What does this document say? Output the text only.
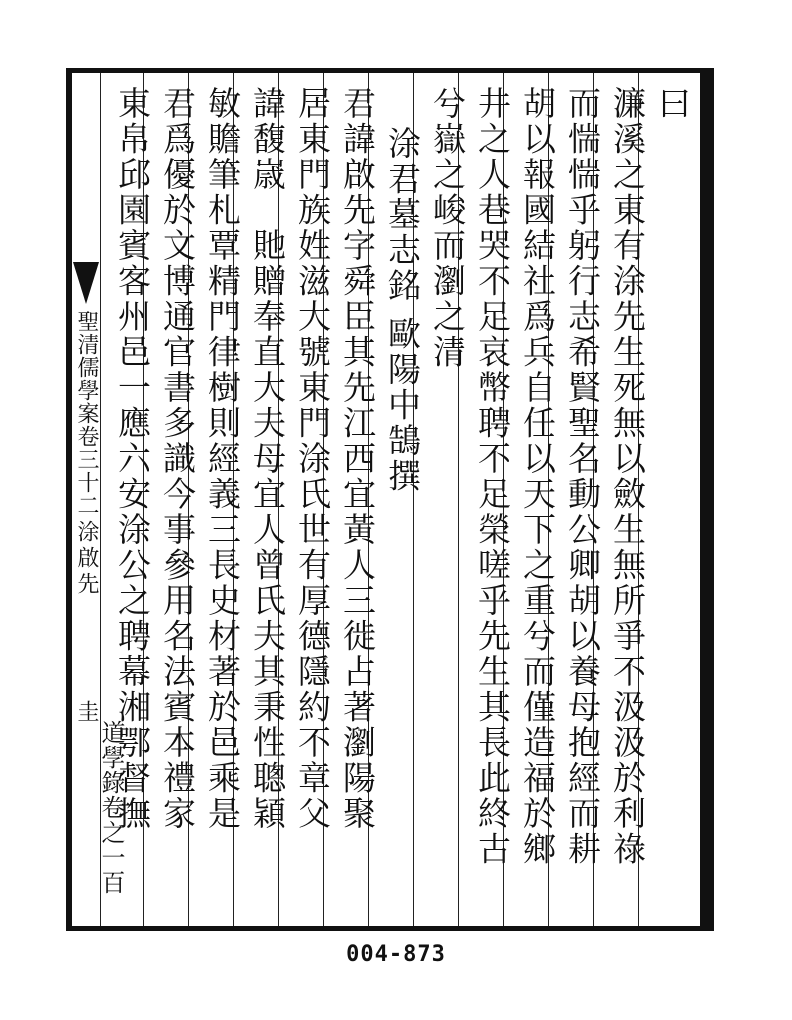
聖清儒學案卷三十二
涂啟先
圭
曰
濂溪之東有涂先生死無以斂生無所爭不汲汲於利祿
而惴惴乎躬行志希賢聖名動公卿胡以養母抱經而耕
胡以報國結社爲兵自任以天下之重兮而僅造福於鄉
井之人巷哭不足哀幣聘不足榮嗟乎先生其長此終古
兮嶽之峻而瀏之清
涂君墓志銘 歐陽中鵠撰
君諱啟先字舜臣其先江西宜黃人三徙占著瀏陽聚
居東門族姓滋大號東門涂氏世有厚德隱約不章父
諱馥𡻕　貤贈奉直大夫母宜人曾氏夫其秉性聰穎
敏贍筆札覃精門律樹則經義三長史材著於邑乘是
君爲優於文博通官書多識今事參用名法賓本禮家
東帛邱園賓客州邑一應六安涂公之聘幕湘鄂督撫
道學錄卷之一百
004-873
